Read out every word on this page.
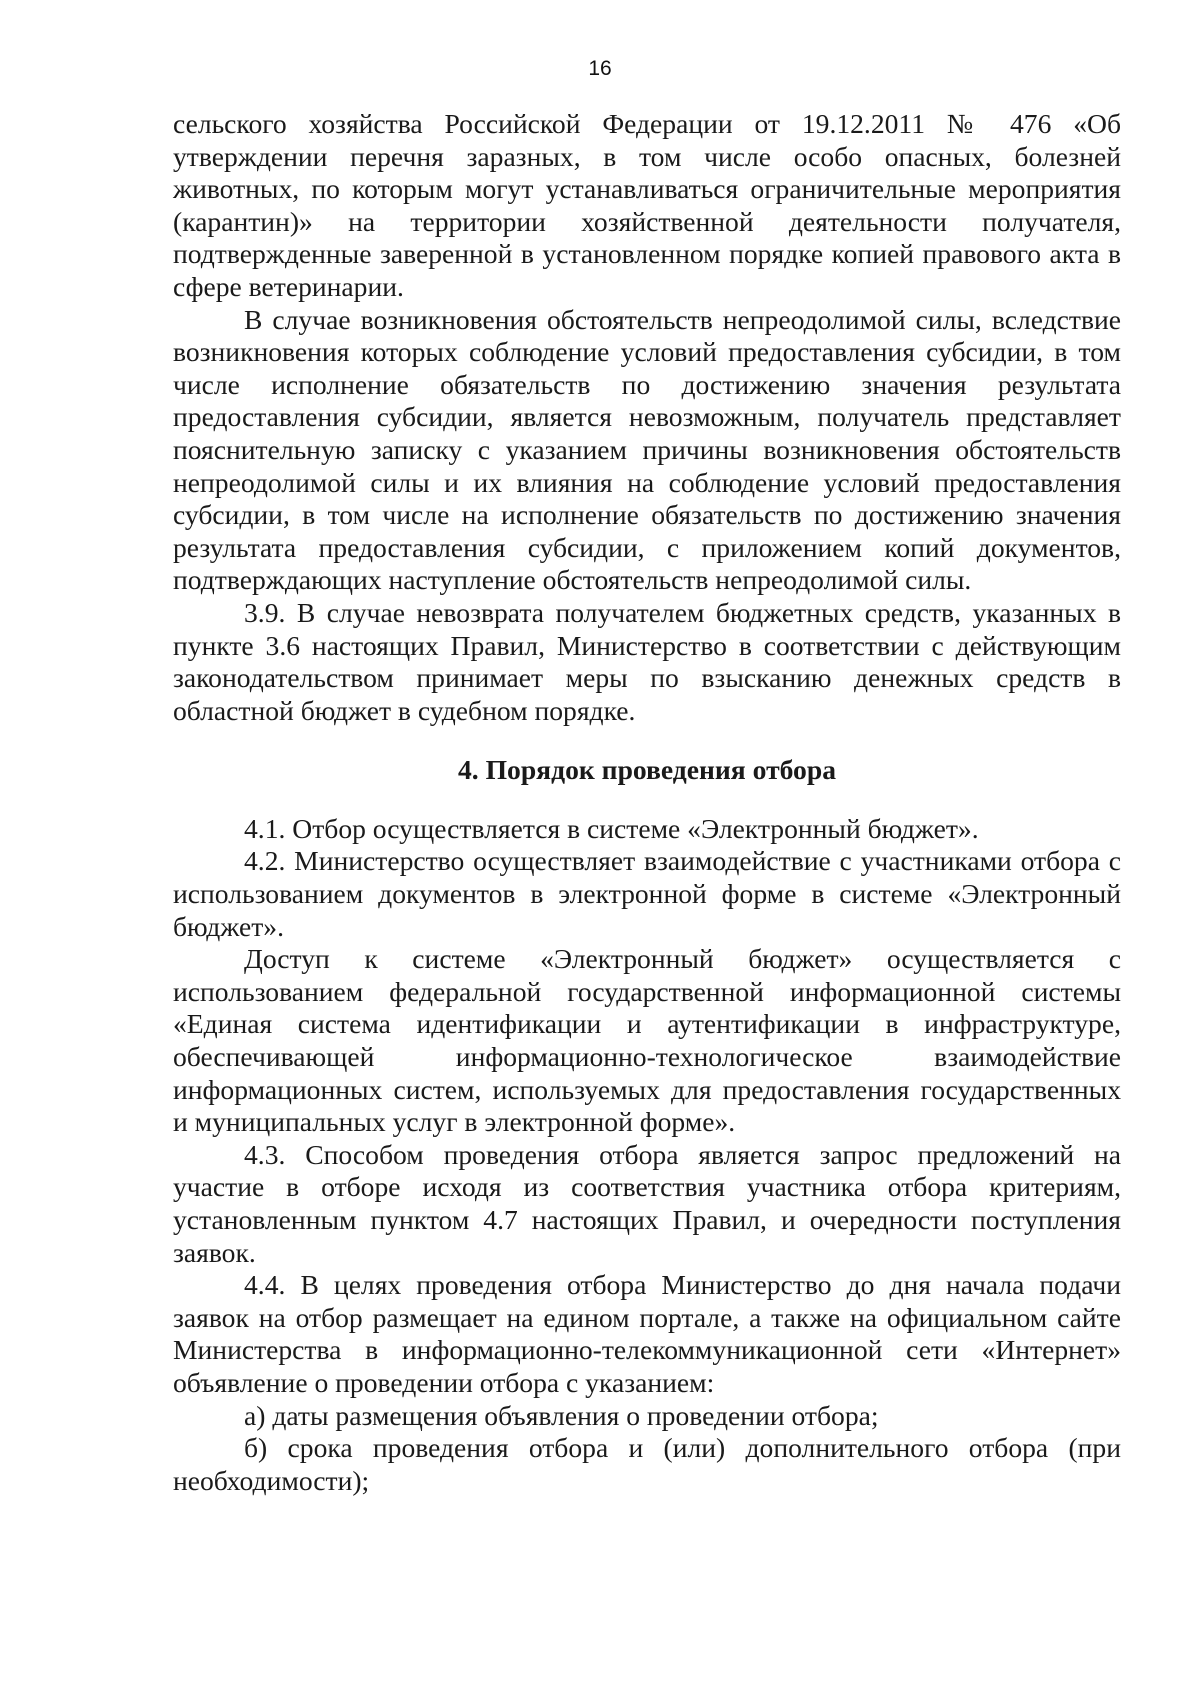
16

сельского хозяйства Российской Федерации от 19.12.2011 № 476 «Об утверждении перечня заразных, в том числе особо опасных, болезней животных, по которым могут устанавливаться ограничительные мероприятия (карантин)» на территории хозяйственной деятельности получателя, подтвержденные заверенной в установленном порядке копией правового акта в сфере ветеринарии.

В случае возникновения обстоятельств непреодолимой силы, вследствие возникновения которых соблюдение условий предоставления субсидии, в том числе исполнение обязательств по достижению значения результата предоставления субсидии, является невозможным, получатель представляет пояснительную записку с указанием причины возникновения обстоятельств непреодолимой силы и их влияния на соблюдение условий предоставления субсидии, в том числе на исполнение обязательств по достижению значения результата предоставления субсидии, с приложением копий документов, подтверждающих наступление обстоятельств непреодолимой силы.

3.9. В случае невозврата получателем бюджетных средств, указанных в пункте 3.6 настоящих Правил, Министерство в соответствии с действующим законодательством принимает меры по взысканию денежных средств в областной бюджет в судебном порядке.

4. Порядок проведения отбора

4.1. Отбор осуществляется в системе «Электронный бюджет».

4.2. Министерство осуществляет взаимодействие с участниками отбора с использованием документов в электронной форме в системе «Электронный бюджет».

Доступ к системе «Электронный бюджет» осуществляется с использованием федеральной государственной информационной системы «Единая система идентификации и аутентификации в инфраструктуре, обеспечивающей информационно-технологическое взаимодействие информационных систем, используемых для предоставления государственных и муниципальных услуг в электронной форме».

4.3. Способом проведения отбора является запрос предложений на участие в отборе исходя из соответствия участника отбора критериям, установленным пунктом 4.7 настоящих Правил, и очередности поступления заявок.

4.4. В целях проведения отбора Министерство до дня начала подачи заявок на отбор размещает на едином портале, а также на официальном сайте Министерства в информационно-телекоммуникационной сети «Интернет» объявление о проведении отбора с указанием:

а) даты размещения объявления о проведении отбора;

б) срока проведения отбора и (или) дополнительного отбора (при необходимости);
